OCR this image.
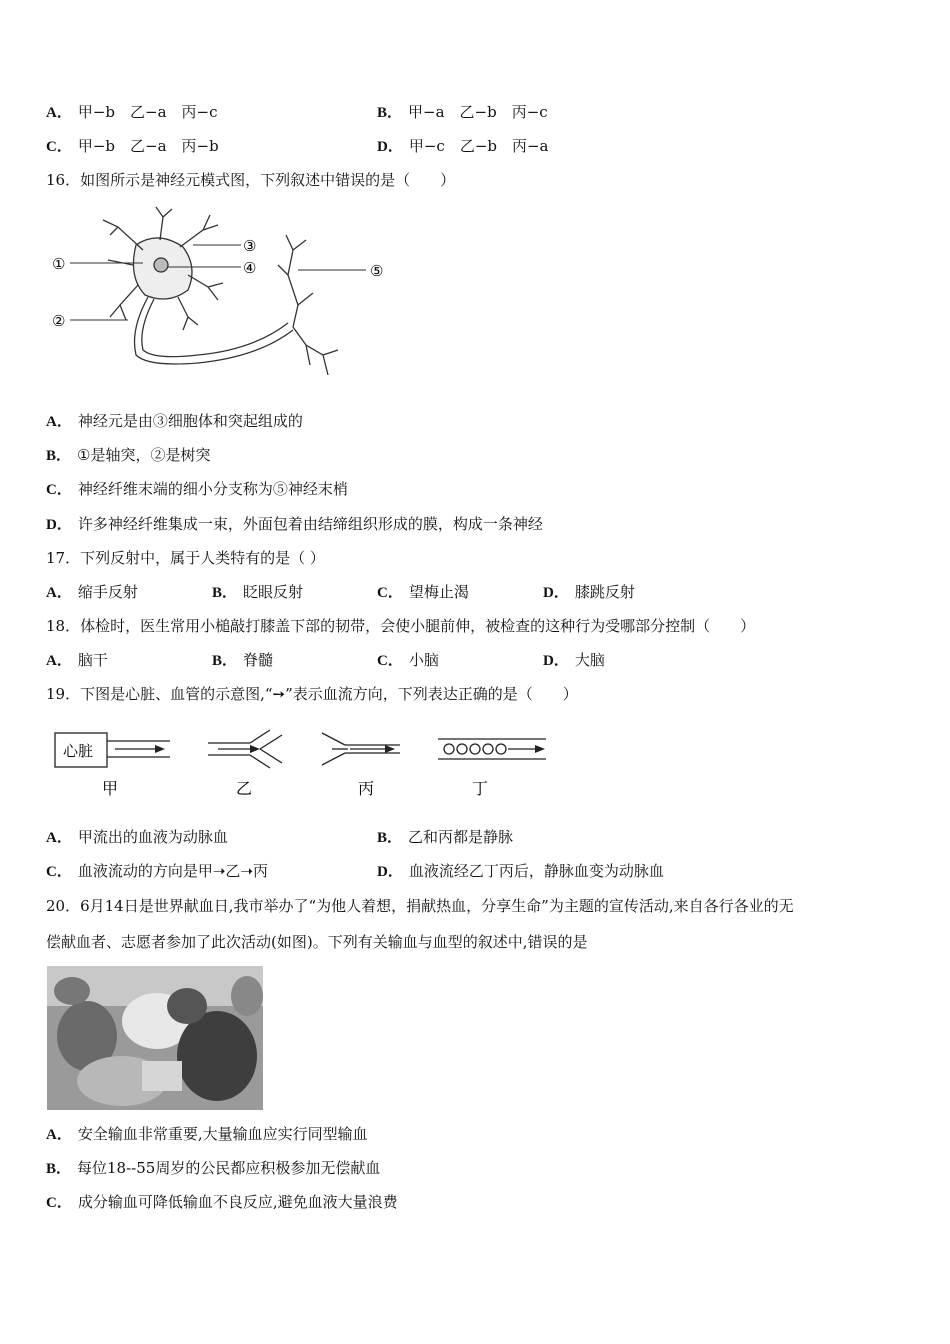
A． 甲−b　乙−a　丙−c	B． 甲−a　乙−b　丙−c
C． 甲−b　乙−a　丙−b	D． 甲−c　乙−b　丙−a
16．如图所示是神经元模式图，下列叙述中错误的是（　　）
①
②
③
④	⑤
A． 神经元是由③细胞体和突起组成的
B． ①是轴突，②是树突
C． 神经纤维末端的细小分支称为⑤神经末梢
D． 许多神经纤维集成一束，外面包着由结缔组织形成的膜，构成一条神经
17．下列反射中，属于人类特有的是（ ）
A． 缩手反射	B． 眨眼反射	C． 望梅止渴	D． 膝跳反射
18．体检时，医生常用小槌敲打膝盖下部的韧带，会使小腿前伸，被检查的这种行为受哪部分控制（　　）
A． 脑干	B． 脊髓	C． 小脑	D． 大脑
19．下图是心脏、血管的示意图,“➙”表示血流方向，下列表达正确的是（　　）
心脏
甲	乙	丙	丁
A． 甲流出的血液为动脉血	B． 乙和丙都是静脉
C． 血液流动的方向是甲➝乙➝丙	D． 血液流经乙丁丙后，静脉血变为动脉血
20．6月14日是世界献血日,我市举办了“为他人着想，捐献热血，分享生命”为主题的宣传活动,来自各行各业的无
偿献血者、志愿者参加了此次活动(如图)。下列有关输血与血型的叙述中,错误的是
A． 安全输血非常重要,大量输血应实行同型输血
B． 每位18--55周岁的公民都应积极参加无偿献血
C． 成分输血可降低输血不良反应,避免血液大量浪费
